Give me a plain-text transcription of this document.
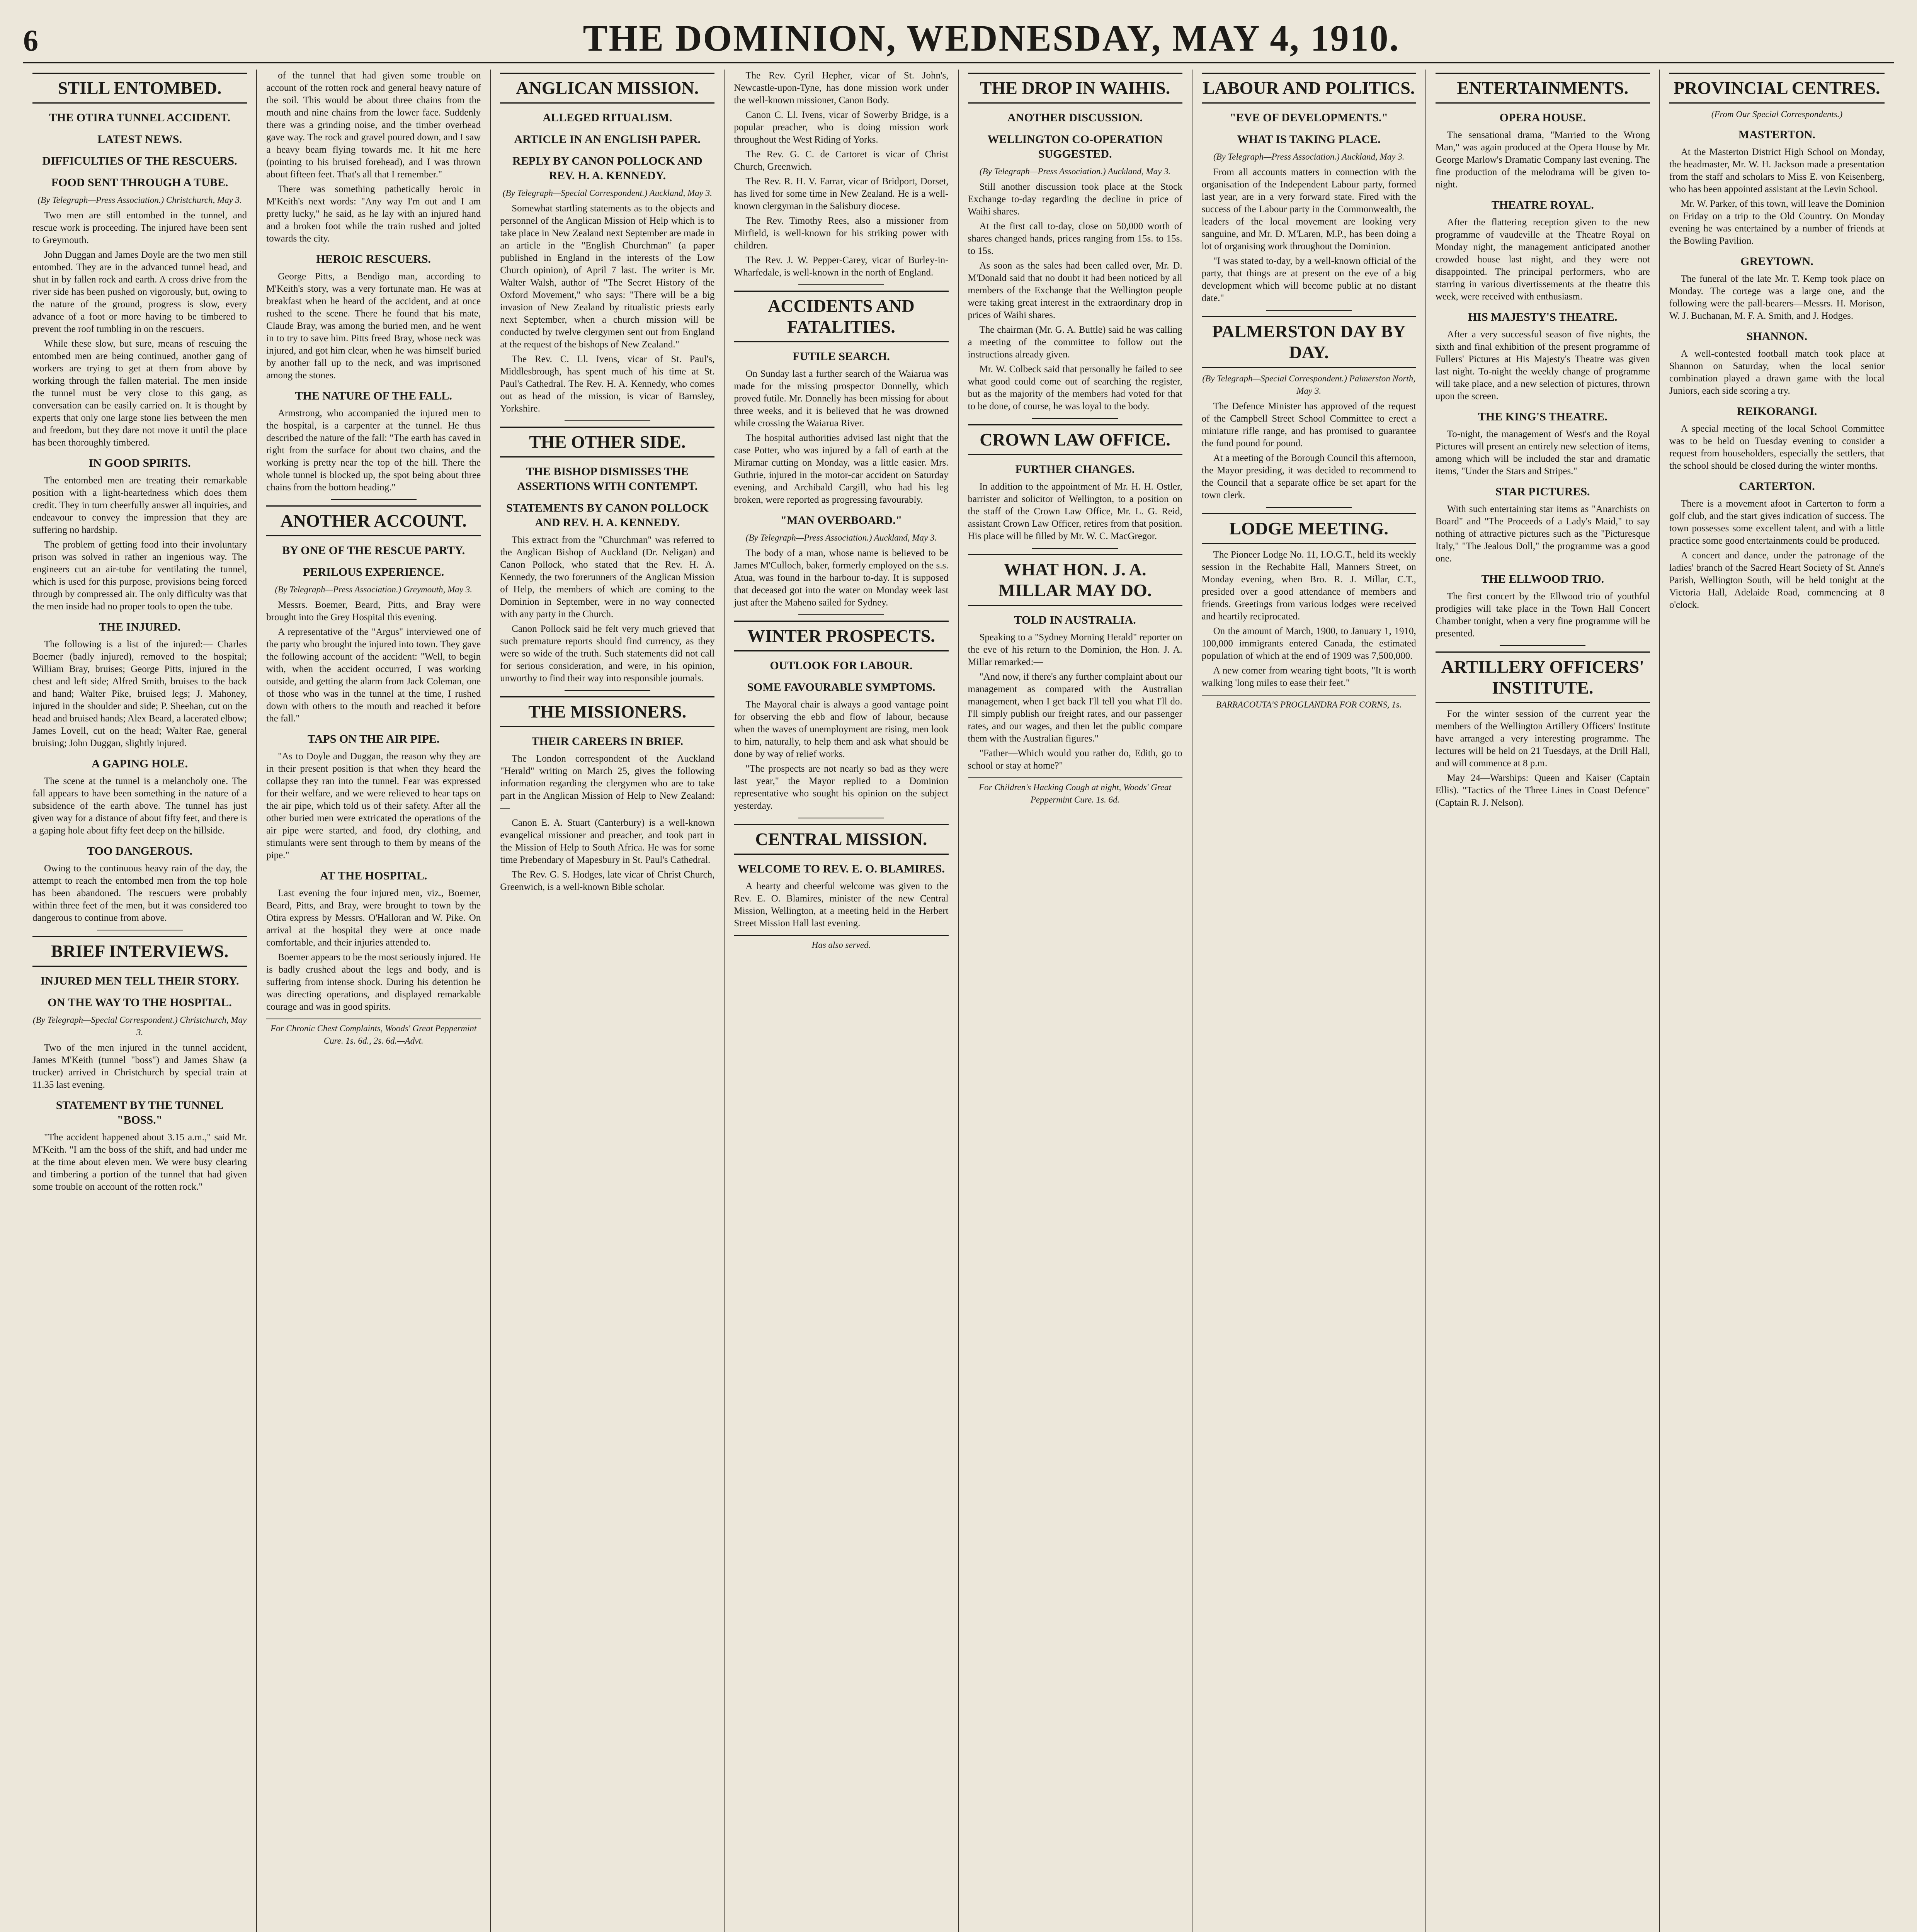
6	THE DOMINION, WEDNESDAY, MAY 4, 1910.
STILL ENTOMBED.
THE OTIRA TUNNEL ACCIDENT.
LATEST NEWS.
DIFFICULTIES OF THE RESCUERS.
FOOD SENT THROUGH A TUBE.
(By Telegraph—Press Association.) Christchurch, May 3.
Two men are still entombed in the tunnel, and rescue work is proceeding. The injured have been sent to Greymouth.
John Duggan and James Doyle are the two men still entombed. They are in the advanced tunnel head, and shut in by fallen rock and earth. A cross drive from the river side has been pushed on vigorously, but, owing to the nature of the ground, progress is slow, every advance of a foot or more having to be timbered to prevent the roof tumbling in on the rescuers.
While these slow, but sure, means of rescuing the entombed men are being continued, another gang of workers are trying to get at them from above by working through the fallen material. The men inside the tunnel must be very close to this gang, as conversation can be easily carried on. It is thought by experts that only one large stone lies between the men and freedom, but they dare not move it until the place has been thoroughly timbered.
IN GOOD SPIRITS.
The entombed men are treating their remarkable position with a light-heartedness which does them credit. They in turn cheerfully answer all inquiries, and endeavour to convey the impression that they are suffering no hardship.
The problem of getting food into their involuntary prison was solved in rather an ingenious way. The engineers cut an air-tube for ventilating the tunnel, which is used for this purpose, provisions being forced through by compressed air. The only difficulty was that the men inside had no proper tools to open the tube.
THE INJURED.
The following is a list of the injured:— Charles Boemer (badly injured), removed to the hospital; William Bray, bruises; George Pitts, injured in the chest and left side; Alfred Smith, bruises to the back and hand; Walter Pike, bruised legs; J. Mahoney, injured in the shoulder and side; P. Sheehan, cut on the head and bruised hands; Alex Beard, a lacerated elbow; James Lovell, cut on the head; Walter Rae, general bruising; John Duggan, slightly injured.
A GAPING HOLE.
The scene at the tunnel is a melancholy one. The fall appears to have been something in the nature of a subsidence of the earth above. The tunnel has just given way for a distance of about fifty feet, and there is a gaping hole about fifty feet deep on the hillside.
TOO DANGEROUS.
Owing to the continuous heavy rain of the day, the attempt to reach the entombed men from the top hole has been abandoned. The rescuers were probably within three feet of the men, but it was considered too dangerous to continue from above.
BRIEF INTERVIEWS.
INJURED MEN TELL THEIR STORY.
ON THE WAY TO THE HOSPITAL.
(By Telegraph—Special Correspondent.) Christchurch, May 3.
Two of the men injured in the tunnel accident, James M'Keith (tunnel "boss") and James Shaw (a trucker) arrived in Christchurch by special train at 11.35 last evening.
STATEMENT BY THE TUNNEL "BOSS."
"The accident happened about 3.15 a.m.," said Mr. M'Keith. "I am the boss of the shift, and had under me at the time about eleven men. We were busy clearing and timbering a portion of the tunnel that had given some trouble on account of the rotten rock."
of the tunnel that had given some trouble on account of the rotten rock and general heavy nature of the soil. This would be about three chains from the mouth and nine chains from the lower face. Suddenly there was a grinding noise, and the timber overhead gave way. The rock and gravel poured down, and I saw a heavy beam flying towards me. It hit me here (pointing to his bruised forehead), and I was thrown about fifteen feet. That's all that I remember."
There was something pathetically heroic in M'Keith's next words: "Any way I'm out and I am pretty lucky," he said, as he lay with an injured hand and a broken foot while the train rushed and jolted towards the city.
HEROIC RESCUERS.
George Pitts, a Bendigo man, according to M'Keith's story, was a very fortunate man. He was at breakfast when he heard of the accident, and at once rushed to the scene. There he found that his mate, Claude Bray, was among the buried men, and he went in to try to save him. Pitts freed Bray, whose neck was injured, and got him clear, when he was himself buried by another fall up to the neck, and was imprisoned among the stones.
THE NATURE OF THE FALL.
Armstrong, who accompanied the injured men to the hospital, is a carpenter at the tunnel. He thus described the nature of the fall: "The earth has caved in right from the surface for about two chains, and the working is pretty near the top of the hill. There the whole tunnel is blocked up, the spot being about three chains from the bottom heading."
ANOTHER ACCOUNT.
BY ONE OF THE RESCUE PARTY.
PERILOUS EXPERIENCE.
(By Telegraph—Press Association.) Greymouth, May 3.
Messrs. Boemer, Beard, Pitts, and Bray were brought into the Grey Hospital this evening.
A representative of the "Argus" interviewed one of the party who brought the injured into town. They gave the following account of the accident: "Well, to begin with, when the accident occurred, I was working outside, and getting the alarm from Jack Coleman, one of those who was in the tunnel at the time, I rushed down with others to the mouth and reached it before the fall."
TAPS ON THE AIR PIPE.
"As to Doyle and Duggan, the reason why they are in their present position is that when they heard the collapse they ran into the tunnel. Fear was expressed for their welfare, and we were relieved to hear taps on the air pipe, which told us of their safety. After all the other buried men were extricated the operations of the air pipe were started, and food, dry clothing, and stimulants were sent through to them by means of the pipe."
AT THE HOSPITAL.
Last evening the four injured men, viz., Boemer, Beard, Pitts, and Bray, were brought to town by the Otira express by Messrs. O'Halloran and W. Pike. On arrival at the hospital they were at once made comfortable, and their injuries attended to.
Boemer appears to be the most seriously injured. He is badly crushed about the legs and body, and is suffering from intense shock. During his detention he was directing operations, and displayed remarkable courage and was in good spirits.
For Chronic Chest Complaints, Woods' Great Peppermint Cure. 1s. 6d., 2s. 6d.—Advt.
ANGLICAN MISSION.
ALLEGED RITUALISM.
ARTICLE IN AN ENGLISH PAPER.
REPLY BY CANON POLLOCK AND REV. H. A. KENNEDY.
(By Telegraph—Special Correspondent.) Auckland, May 3.
Somewhat startling statements as to the objects and personnel of the Anglican Mission of Help which is to take place in New Zealand next September are made in an article in the "English Churchman" (a paper published in England in the interests of the Low Church opinion), of April 7 last. The writer is Mr. Walter Walsh, author of "The Secret History of the Oxford Movement," who says: "There will be a big invasion of New Zealand by ritualistic priests early next September, when a church mission will be conducted by twelve clergymen sent out from England at the request of the bishops of New Zealand."
The Rev. C. Ll. Ivens, vicar of St. Paul's, Middlesbrough, has spent much of his time at St. Paul's Cathedral. The Rev. H. A. Kennedy, who comes out as head of the mission, is vicar of Barnsley, Yorkshire.
THE OTHER SIDE.
THE BISHOP DISMISSES THE ASSERTIONS WITH CONTEMPT.
STATEMENTS BY CANON POLLOCK AND REV. H. A. KENNEDY.
This extract from the "Churchman" was referred to the Anglican Bishop of Auckland (Dr. Neligan) and Canon Pollock, who stated that the Rev. H. A. Kennedy, the two forerunners of the Anglican Mission of Help, the members of which are coming to the Dominion in September, were in no way connected with any party in the Church.
Canon Pollock said he felt very much grieved that such premature reports should find currency, as they were so wide of the truth. Such statements did not call for serious consideration, and were, in his opinion, unworthy to find their way into responsible journals.
THE MISSIONERS.
THEIR CAREERS IN BRIEF.
The London correspondent of the Auckland "Herald" writing on March 25, gives the following information regarding the clergymen who are to take part in the Anglican Mission of Help to New Zealand:—
Canon E. A. Stuart (Canterbury) is a well-known evangelical missioner and preacher, and took part in the Mission of Help to South Africa. He was for some time Prebendary of Mapesbury in St. Paul's Cathedral.
The Rev. G. S. Hodges, late vicar of Christ Church, Greenwich, is a well-known Bible scholar.
The Rev. Cyril Hepher, vicar of St. John's, Newcastle-upon-Tyne, has done mission work under the well-known missioner, Canon Body.
Canon C. Ll. Ivens, vicar of Sowerby Bridge, is a popular preacher, who is doing mission work throughout the West Riding of Yorks.
The Rev. G. C. de Cartoret is vicar of Christ Church, Greenwich.
The Rev. R. H. V. Farrar, vicar of Bridport, Dorset, has lived for some time in New Zealand. He is a well-known clergyman in the Salisbury diocese.
The Rev. Timothy Rees, also a missioner from Mirfield, is well-known for his striking power with children.
The Rev. J. W. Pepper-Carey, vicar of Burley-in-Wharfedale, is well-known in the north of England.
ACCIDENTS AND FATALITIES.
FUTILE SEARCH.
On Sunday last a further search of the Waiarua was made for the missing prospector Donnelly, which proved futile. Mr. Donnelly has been missing for about three weeks, and it is believed that he was drowned while crossing the Waiarua River.
The hospital authorities advised last night that the case Potter, who was injured by a fall of earth at the Miramar cutting on Monday, was a little easier. Mrs. Guthrie, injured in the motor-car accident on Saturday evening, and Archibald Cargill, who had his leg broken, were reported as progressing favourably.
"MAN OVERBOARD."
(By Telegraph—Press Association.) Auckland, May 3.
The body of a man, whose name is believed to be James M'Culloch, baker, formerly employed on the s.s. Atua, was found in the harbour to-day. It is supposed that deceased got into the water on Monday week last just after the Maheno sailed for Sydney.
WINTER PROSPECTS.
OUTLOOK FOR LABOUR.
SOME FAVOURABLE SYMPTOMS.
The Mayoral chair is always a good vantage point for observing the ebb and flow of labour, because when the waves of unemployment are rising, men look to him, naturally, to help them and ask what should be done by way of relief works.
"The prospects are not nearly so bad as they were last year," the Mayor replied to a Dominion representative who sought his opinion on the subject yesterday.
CENTRAL MISSION.
WELCOME TO REV. E. O. BLAMIRES.
A hearty and cheerful welcome was given to the Rev. E. O. Blamires, minister of the new Central Mission, Wellington, at a meeting held in the Herbert Street Mission Hall last evening.
Has also served.
THE DROP IN WAIHIS.
ANOTHER DISCUSSION.
WELLINGTON CO-OPERATION SUGGESTED.
(By Telegraph—Press Association.) Auckland, May 3.
Still another discussion took place at the Stock Exchange to-day regarding the decline in price of Waihi shares.
At the first call to-day, close on 50,000 worth of shares changed hands, prices ranging from 15s. to 15s. to 15s.
As soon as the sales had been called over, Mr. D. M'Donald said that no doubt it had been noticed by all members of the Exchange that the Wellington people were taking great interest in the extraordinary drop in prices of Waihi shares.
The chairman (Mr. G. A. Buttle) said he was calling a meeting of the committee to follow out the instructions already given.
Mr. W. Colbeck said that personally he failed to see what good could come out of searching the register, but as the majority of the members had voted for that to be done, of course, he was loyal to the body.
CROWN LAW OFFICE.
FURTHER CHANGES.
In addition to the appointment of Mr. H. H. Ostler, barrister and solicitor of Wellington, to a position on the staff of the Crown Law Office, Mr. L. G. Reid, assistant Crown Law Officer, retires from that position. His place will be filled by Mr. W. C. MacGregor.
WHAT HON. J. A. MILLAR MAY DO.
TOLD IN AUSTRALIA.
Speaking to a "Sydney Morning Herald" reporter on the eve of his return to the Dominion, the Hon. J. A. Millar remarked:—
"And now, if there's any further complaint about our management as compared with the Australian management, when I get back I'll tell you what I'll do. I'll simply publish our freight rates, and our passenger rates, and our wages, and then let the public compare them with the Australian figures."
"Father—Which would you rather do, Edith, go to school or stay at home?"
For Children's Hacking Cough at night, Woods' Great Peppermint Cure. 1s. 6d.
LABOUR AND POLITICS.
"EVE OF DEVELOPMENTS."
WHAT IS TAKING PLACE.
(By Telegraph—Press Association.) Auckland, May 3.
From all accounts matters in connection with the organisation of the Independent Labour party, formed last year, are in a very forward state. Fired with the success of the Labour party in the Commonwealth, the leaders of the local movement are looking very sanguine, and Mr. D. M'Laren, M.P., has been doing a lot of organising work throughout the Dominion.
"I was stated to-day, by a well-known official of the party, that things are at present on the eve of a big development which will become public at no distant date."
PALMERSTON DAY BY DAY.
(By Telegraph—Special Correspondent.) Palmerston North, May 3.
The Defence Minister has approved of the request of the Campbell Street School Committee to erect a miniature rifle range, and has promised to guarantee the fund pound for pound.
At a meeting of the Borough Council this afternoon, the Mayor presiding, it was decided to recommend to the Council that a separate office be set apart for the town clerk.
LODGE MEETING.
The Pioneer Lodge No. 11, I.O.G.T., held its weekly session in the Rechabite Hall, Manners Street, on Monday evening, when Bro. R. J. Millar, C.T., presided over a good attendance of members and friends. Greetings from various lodges were received and heartily reciprocated.
On the amount of March, 1900, to January 1, 1910, 100,000 immigrants entered Canada, the estimated population of which at the end of 1909 was 7,500,000.
A new comer from wearing tight boots, "It is worth walking 'long miles to ease their feet."
BARRACOUTA'S PROGLANDRA FOR CORNS, 1s.
ENTERTAINMENTS.
OPERA HOUSE.
The sensational drama, "Married to the Wrong Man," was again produced at the Opera House by Mr. George Marlow's Dramatic Company last evening. The fine production of the melodrama will be given to-night.
THEATRE ROYAL.
After the flattering reception given to the new programme of vaudeville at the Theatre Royal on Monday night, the management anticipated another crowded house last night, and they were not disappointed. The principal performers, who are starring in various divertissements at the theatre this week, were received with enthusiasm.
HIS MAJESTY'S THEATRE.
After a very successful season of five nights, the sixth and final exhibition of the present programme of Fullers' Pictures at His Majesty's Theatre was given last night. To-night the weekly change of programme will take place, and a new selection of pictures, thrown upon the screen.
THE KING'S THEATRE.
To-night, the management of West's and the Royal Pictures will present an entirely new selection of items, among which will be included the star and dramatic items, "Under the Stars and Stripes."
STAR PICTURES.
With such entertaining star items as "Anarchists on Board" and "The Proceeds of a Lady's Maid," to say nothing of attractive pictures such as the "Picturesque Italy," "The Jealous Doll," the programme was a good one.
THE ELLWOOD TRIO.
The first concert by the Ellwood trio of youthful prodigies will take place in the Town Hall Concert Chamber tonight, when a very fine programme will be presented.
ARTILLERY OFFICERS' INSTITUTE.
For the winter session of the current year the members of the Wellington Artillery Officers' Institute have arranged a very interesting programme. The lectures will be held on 21 Tuesdays, at the Drill Hall, and will commence at 8 p.m.
May 24—Warships: Queen and Kaiser (Captain Ellis). "Tactics of the Three Lines in Coast Defence" (Captain R. J. Nelson).
PROVINCIAL CENTRES.
(From Our Special Correspondents.)
MASTERTON.
At the Masterton District High School on Monday, the headmaster, Mr. W. H. Jackson made a presentation from the staff and scholars to Miss E. von Keisenberg, who has been appointed assistant at the Levin School.
Mr. W. Parker, of this town, will leave the Dominion on Friday on a trip to the Old Country. On Monday evening he was entertained by a number of friends at the Bowling Pavilion.
GREYTOWN.
The funeral of the late Mr. T. Kemp took place on Monday. The cortege was a large one, and the following were the pall-bearers—Messrs. H. Morison, W. J. Buchanan, M. F. A. Smith, and J. Hodges.
SHANNON.
A well-contested football match took place at Shannon on Saturday, when the local senior combination played a drawn game with the local Juniors, each side scoring a try.
REIKORANGI.
A special meeting of the local School Committee was to be held on Tuesday evening to consider a request from householders, especially the settlers, that the school should be closed during the winter months.
CARTERTON.
There is a movement afoot in Carterton to form a golf club, and the start gives indication of success. The town possesses some excellent talent, and with a little practice some good entertainments could be produced.
A concert and dance, under the patronage of the ladies' branch of the Sacred Heart Society of St. Anne's Parish, Wellington South, will be held tonight at the Victoria Hall, Adelaide Road, commencing at 8 o'clock.
